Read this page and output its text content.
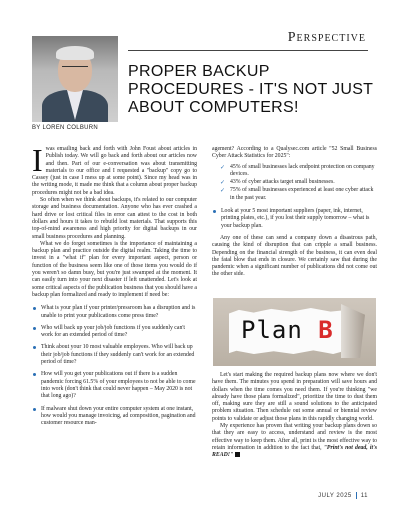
Perspective
PROPER BACKUP PROCEDURES - IT'S NOT JUST ABOUT COMPUTERS!
BY LOREN COLBURN

Iwas emailing back and forth with John Foust about articles in Publish today. We will go back and forth about our articles now and then. Part of our e-conversation was about transmitting materials to our office and I requested a "backup" copy go to Cassey (just in case I mess up at some point). Since my head was in the writing mode, it made me think that a column about proper backup procedures might not be a bad idea.

So often when we think about backups, it's related to our computer storage and business documentation. Anyone who has ever crashed a hard drive or lost critical files in error can attest to the cost in both dollars and hours it takes to rebuild lost materials. That supports this top-of-mind awareness and high priority for digital backups in our small business procedures and planning.

What we do forget sometimes is the importance of maintaining a backup plan and practice outside the digital realm. Taking the time to invest in a "what if" plan for every important aspect, person or function of the business seem like one of those items you would do if you weren't so damn busy, but you're just swamped at the moment. It can easily turn into your next disaster if left unattended. Let's look at some critical aspects of the publication business that you should have a backup plan formalized and ready to implement if need be:

What is your plan if your printer/pressroom has a disruption and is unable to print your publications come press time?
Who will back up your job/job functions if you suddenly can't work for an extended period of time?
Think about your 10 most valuable employees. Who will back up their job/job functions if they suddenly can't work for an extended period of time?
How will you get your publications out if there is a sudden pandemic forcing 61.5% of your employees to not be able to come into work (don't think that could never happen – May 2020 is not that long ago)?
If malware shut down your entire computer system at one instant, how would you manage invoicing, ad composition, pagination and customer resource man-

agement? According to a Qualysec.com article "52 Small Business Cyber Attack Statistics for 2025":

✓ 45% of small businesses lack endpoint protection on company devices.
✓ 43% of cyber attacks target small businesses.
✓ 75% of small businesses experienced at least one cyber attack in the past year.
Look at your 5 most important suppliers (paper, ink, internet, printing plates, etc.), if you lost their supply tomorrow – what is your backup plan.

Any one of these can send a company down a disastrous path, causing the kind of disruption that can cripple a small business. Depending on the financial strength of the business, it can even deal the fatal blow that ends in closure. We certainly saw that during the pandemic when a significant number of publications did not come out the other side.

Plan B

Let's start making the required backup plans now where we don't have them. The minutes you spend in preparation will save hours and dollars when the time comes you need them. If you're thinking "we already have those plans formalized", prioritize the time to dust them off, making sure they are still a sound solutions to the anticipated problem situation. Then schedule out some annual or biennial review points to validate or adjust those plans in this rapidly changing world.

My experience has proven that writing your backup plans down so that they are easy to access, understand and review is the most effective way to keep them. After all, print is the most effective way to retain information in addition to the fact that, "Print's not dead, it's READ!"

JULY 2025 11
